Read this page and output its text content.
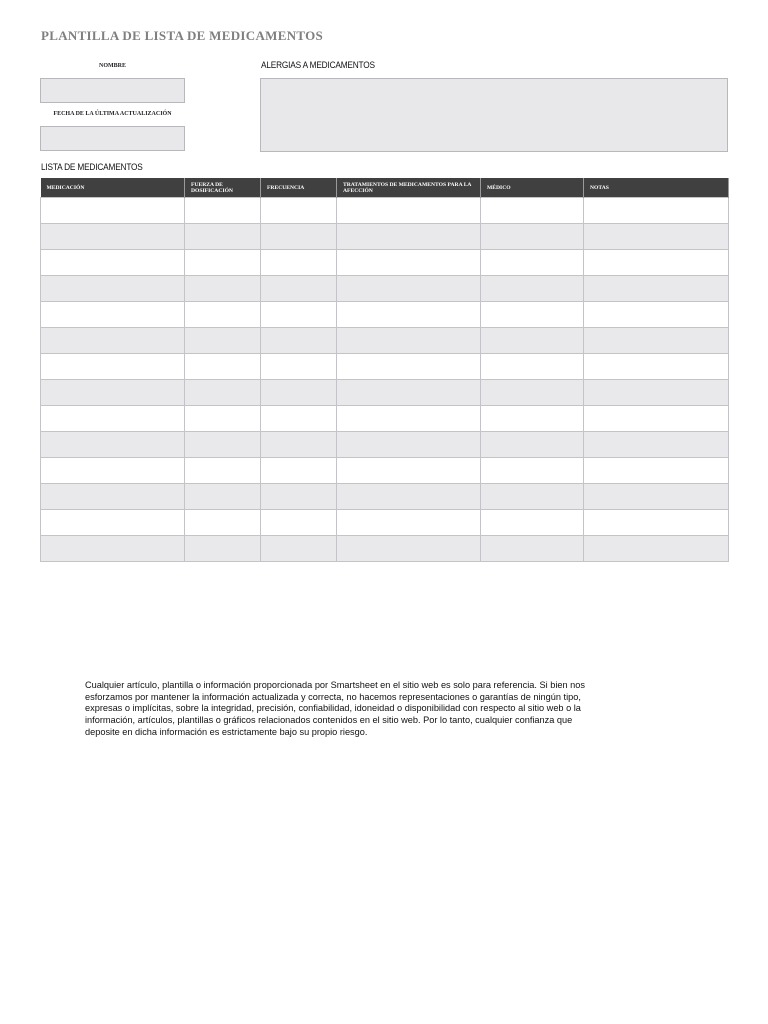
PLANTILLA DE LISTA DE MEDICAMENTOS
NOMBRE
FECHA DE LA ÚLTIMA ACTUALIZACIÓN
ALERGIAS A MEDICAMENTOS
LISTA DE MEDICAMENTOS
MEDICACIÓN	FUERZA DE DOSIFICACIÓN	FRECUENCIA	TRATAMIENTOS DE MEDICAMENTOS PARA LA AFECCIÓN	MÉDICO	NOTAS

Cualquier artículo, plantilla o información proporcionada por Smartsheet en el sitio web es solo para referencia. Si bien nos esforzamos por mantener la información actualizada y correcta, no hacemos representaciones o garantías de ningún tipo, expresas o implícitas, sobre la integridad, precisión, confiabilidad, idoneidad o disponibilidad con respecto al sitio web o la información, artículos, plantillas o gráficos relacionados contenidos en el sitio web. Por lo tanto, cualquier confianza que deposite en dicha información es estrictamente bajo su propio riesgo.
